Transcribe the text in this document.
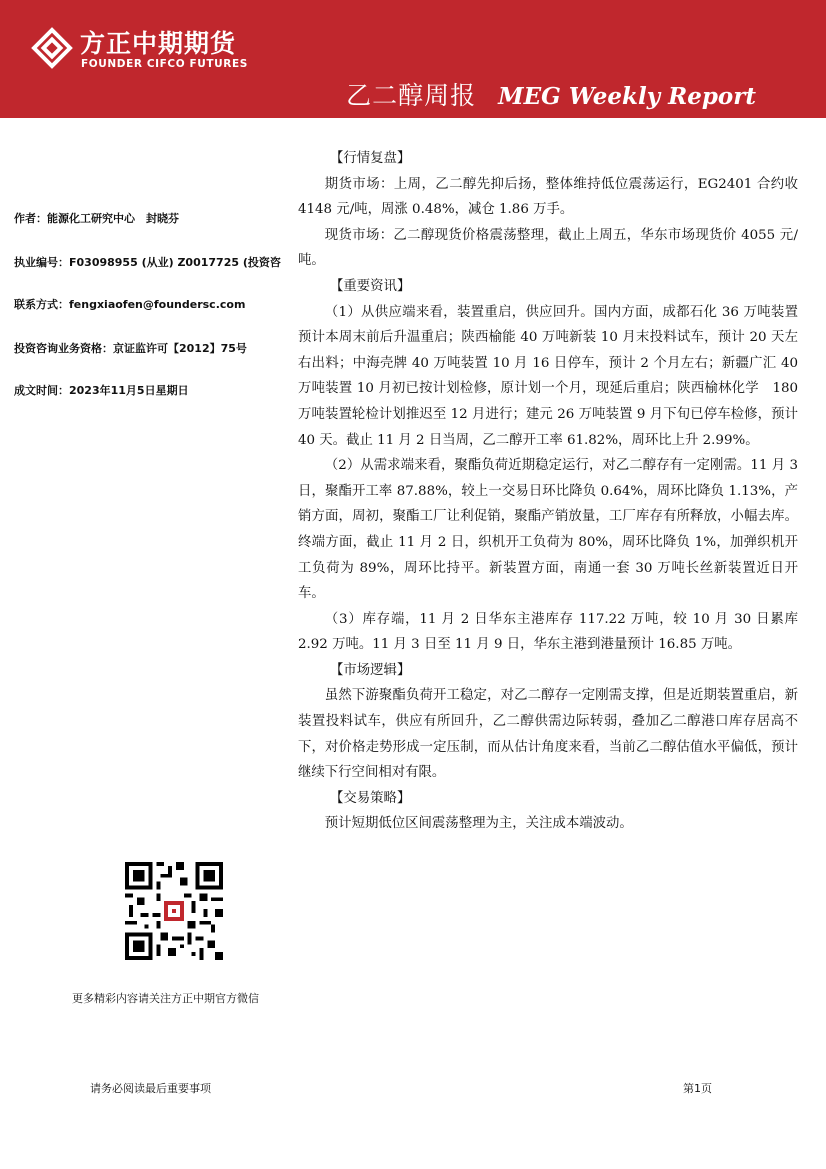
方正中期期货
FOUNDER CIFCO FUTURES
乙二醇周报 MEG Weekly Report
作者：能源化工研究中心　封晓芬
执业编号：F03098955 (从业) Z0017725 (投资咨
联系方式：fengxiaofen@foundersc.com
投资咨询业务资格：京证监许可【2012】75号
成文时间：2023年11月5日星期日
更多精彩内容请关注方正中期官方微信
【行情复盘】

期货市场：上周，乙二醇先抑后扬，整体维持低位震荡运行，EG2401 合约收 4148 元/吨，周涨 0.48%，减仓 1.86 万手。

现货市场：乙二醇现货价格震荡整理，截止上周五，华东市场现货价 4055 元/吨。

【重要资讯】

（1）从供应端来看，装置重启，供应回升。国内方面，成都石化 36 万吨装置预计本周末前后升温重启；陕西榆能 40 万吨新装 10 月末投料试车，预计 20 天左右出料；中海壳牌 40 万吨装置 10 月 16 日停车，预计 2 个月左右；新疆广汇 40 万吨装置 10 月初已按计划检修，原计划一个月，现延后重启；陕西榆林化学　180　万吨装置轮检计划推迟至 12 月进行；建元 26 万吨装置 9 月下旬已停车检修，预计 40 天。截止 11 月 2 日当周，乙二醇开工率 61.82%，周环比上升 2.99%。

（2）从需求端来看，聚酯负荷近期稳定运行，对乙二醇存有一定刚需。11 月 3 日，聚酯开工率 87.88%，较上一交易日环比降负 0.64%，周环比降负 1.13%，产销方面，周初，聚酯工厂让利促销，聚酯产销放量，工厂库存有所释放，小幅去库。终端方面，截止 11 月 2 日，织机开工负荷为 80%，周环比降负 1%，加弹织机开工负荷为 89%，周环比持平。新装置方面，南通一套 30 万吨长丝新装置近日开车。

（3）库存端，11 月 2 日华东主港库存 117.22 万吨，较 10 月 30 日累库 2.92 万吨。11 月 3 日至 11 月 9 日，华东主港到港量预计 16.85 万吨。

【市场逻辑】

虽然下游聚酯负荷开工稳定，对乙二醇存一定刚需支撑，但是近期装置重启，新装置投料试车，供应有所回升，乙二醇供需边际转弱，叠加乙二醇港口库存居高不下，对价格走势形成一定压制，而从估计角度来看，当前乙二醇估值水平偏低，预计继续下行空间相对有限。

【交易策略】

预计短期低位区间震荡整理为主，关注成本端波动。

请务必阅读最后重要事项	第1页
